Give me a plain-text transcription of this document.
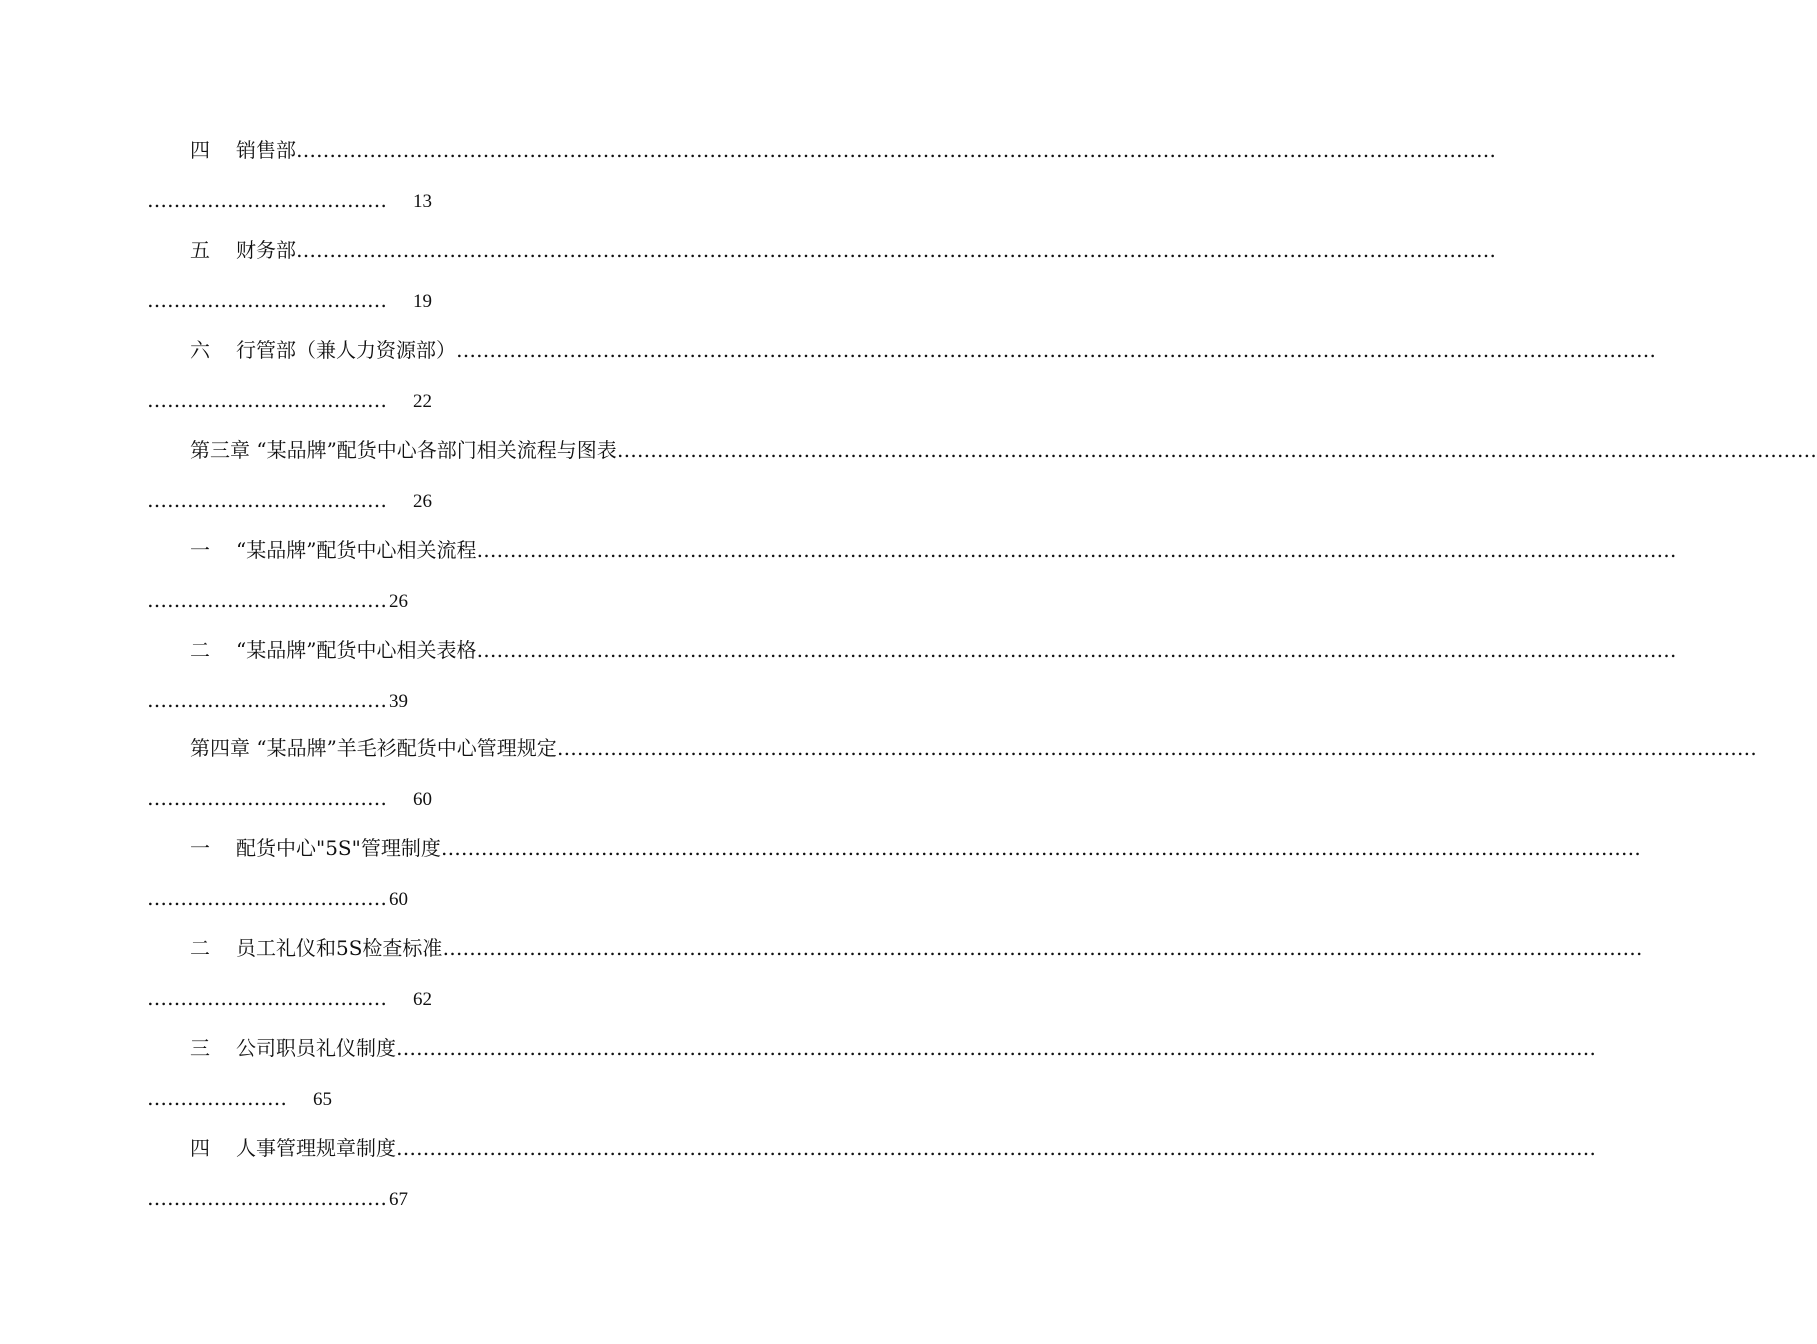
四 销售部………………………………………………………………………………………………………………………………………………………………
……………………………… 13
五 财务部………………………………………………………………………………………………………………………………………………………………
……………………………… 19
六 行管部（兼人力资源部）………………………………………………………………………………………………………………………………………………………………
……………………………… 22
第三章 “某品牌”配货中心各部门相关流程与图表………………………………………………………………………………………………………………………………………………………………
……………………………… 26
一 “某品牌”配货中心相关流程………………………………………………………………………………………………………………………………………………………………
……………………………… 26
二 “某品牌”配货中心相关表格………………………………………………………………………………………………………………………………………………………………
……………………………… 39
第四章 “某品牌”羊毛衫配货中心管理规定………………………………………………………………………………………………………………………………………………………………
……………………………… 60
一 配货中心"5S"管理制度………………………………………………………………………………………………………………………………………………………………
……………………………… 60
二 员工礼仪和5S检查标准………………………………………………………………………………………………………………………………………………………………
……………………………… 62
三 公司职员礼仪制度………………………………………………………………………………………………………………………………………………………………
………………… 65
四 人事管理规章制度………………………………………………………………………………………………………………………………………………………………
……………………………… 67
